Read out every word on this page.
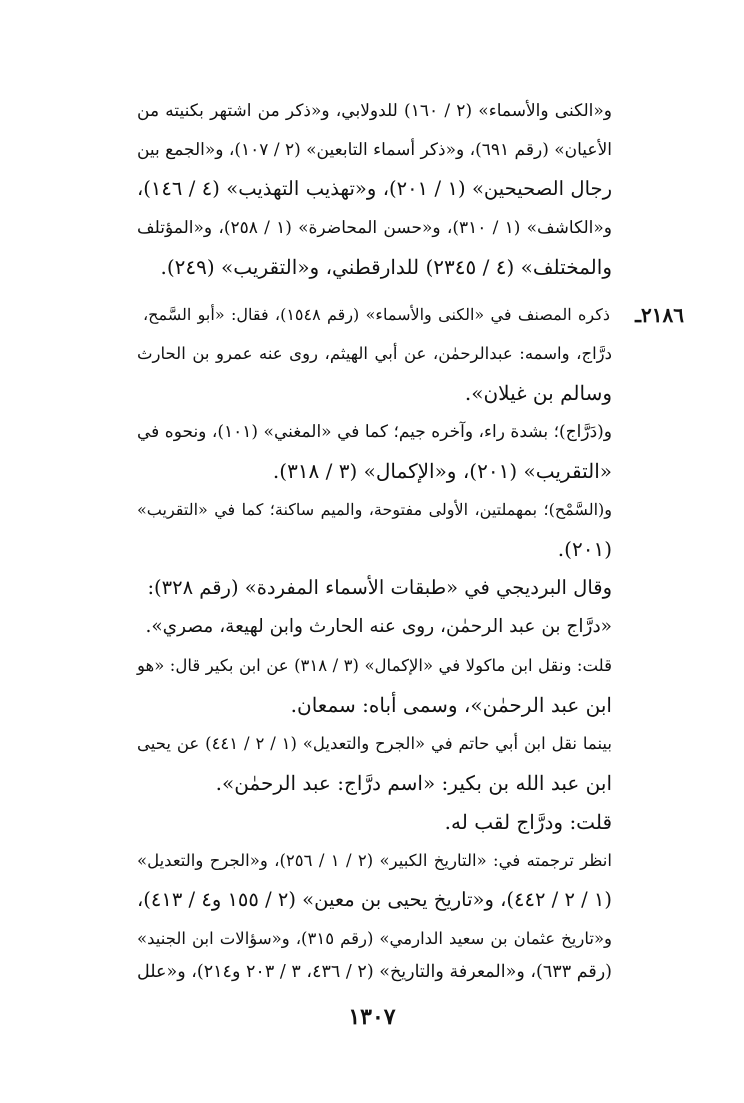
و«الكنى والأسماء» (٢ / ١٦٠) للدولابي، و«ذكر من اشتهر بكنيته من
الأعيان» (رقم ٦٩١)، و«ذكر أسماء التابعين» (٢ / ١٠٧)، و«الجمع بين
رجال الصحيحين» (١ / ٢٠١)، و«تهذيب التهذيب» (٤ / ١٤٦)،
و«الكاشف» (١ / ٣١٠)، و«حسن المحاضرة» (١ / ٢٥٨)، و«المؤتلف
والمختلف» (٤ / ٢٣٤٥) للدارقطني، و«التقريب» (٢٤٩).
٢١٨٦ـ
ذكره المصنف في «الكنى والأسماء» (رقم ١٥٤٨)، فقال: «أبو السَّمح،
درَّاج، واسمه: عبدالرحمٰن، عن أبي الهيثم، روى عنه عمرو بن الحارث
وسالم بن غيلان».
و(دَرَّاج)؛ بشدة راء، وآخره جيم؛ كما في «المغني» (١٠١)، ونحوه في
«التقريب» (٢٠١)، و«الإكمال» (٣ / ٣١٨).
و(السَّمْح)؛ بمهملتين، الأولى مفتوحة، والميم ساكنة؛ كما في «التقريب»
(٢٠١).
وقال البرديجي في «طبقات الأسماء المفردة» (رقم ٣٢٨):
«درَّاج بن عبد الرحمٰن، روى عنه الحارث وابن لهيعة، مصري».
قلت: ونقل ابن ماكولا في «الإكمال» (٣ / ٣١٨) عن ابن بكير قال: «هو
ابن عبد الرحمٰن»، وسمى أباه: سمعان.
بينما نقل ابن أبي حاتم في «الجرح والتعديل» (١ / ٢ / ٤٤١) عن يحيى
ابن عبد الله بن بكير: «اسم درَّاج: عبد الرحمٰن».
قلت: ودرَّاج لقب له.
انظر ترجمته في: «التاريخ الكبير» (٢ / ١ / ٢٥٦)، و«الجرح والتعديل»
(١ / ٢ / ٤٤٢)، و«تاريخ يحيى بن معين» (٢ / ١٥٥ و٤ / ٤١٣)،
و«تاريخ عثمان بن سعيد الدارمي» (رقم ٣١٥)، و«سؤالات ابن الجنيد»
(رقم ٦٣٣)، و«المعرفة والتاريخ» (٢ / ٤٣٦، ٣ / ٢٠٣ و٢١٤)، و«علل
١٣٠٧
